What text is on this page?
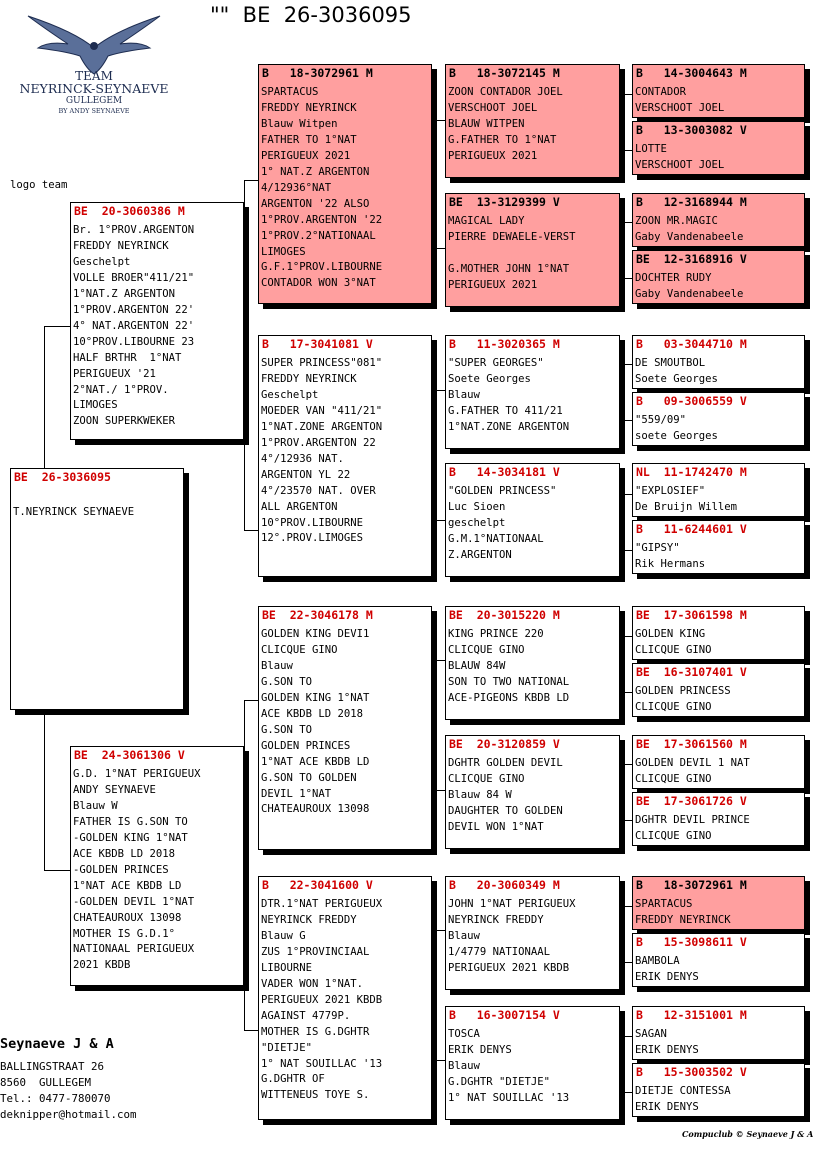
""  BE  26-3036095
TEAM
NEYRINCK-SEYNAEVE
GULLEGEM
BY ANDY SEYNAEVE
logo team
BE  26-3036095

T.NEYRINCK SEYNAEVE
BE  20-3060386 M
Br. 1°PROV.ARGENTON
FREDDY NEYRINCK
Geschelpt
VOLLE BROER"411/21"
1°NAT.Z ARGENTON
1°PROV.ARGENTON 22'
4° NAT.ARGENTON 22'
10°PROV.LIBOURNE 23
HALF BRTHR  1°NAT
PERIGUEUX '21
2°NAT./ 1°PROV.
LIMOGES
ZOON SUPERKWEKER
BE  24-3061306 V
G.D. 1°NAT PERIGUEUX
ANDY SEYNAEVE
Blauw W
FATHER IS G.SON TO
-GOLDEN KING 1°NAT
ACE KBDB LD 2018
-GOLDEN PRINCES
1°NAT ACE KBDB LD
-GOLDEN DEVIL 1°NAT
CHATEAUROUX 13098
MOTHER IS G.D.1°
NATIONAAL PERIGUEUX
2021 KBDB
B   18-3072961 M
SPARTACUS
FREDDY NEYRINCK
Blauw Witpen
FATHER TO 1°NAT
PERIGUEUX 2021
1° NAT.Z ARGENTON
4/12936°NAT
ARGENTON '22 ALSO
1°PROV.ARGENTON '22
1°PROV.2°NATIONAAL
LIMOGES
G.F.1°PROV.LIBOURNE
CONTADOR WON 3°NAT
B   17-3041081 V
SUPER PRINCESS"081"
FREDDY NEYRINCK
Geschelpt
MOEDER VAN "411/21"
1°NAT.ZONE ARGENTON
1°PROV.ARGENTON 22
4°/12936 NAT.
ARGENTON YL 22
4°/23570 NAT. OVER
ALL ARGENTON
10°PROV.LIBOURNE
12°.PROV.LIMOGES
BE  22-3046178 M
GOLDEN KING DEVI1
CLICQUE GINO
Blauw
G.SON TO
GOLDEN KING 1°NAT
ACE KBDB LD 2018
G.SON TO
GOLDEN PRINCES
1°NAT ACE KBDB LD
G.SON TO GOLDEN
DEVIL 1°NAT
CHATEAUROUX 13098
B   22-3041600 V
DTR.1°NAT PERIGUEUX
NEYRINCK FREDDY
Blauw G
ZUS 1°PROVINCIAAL
LIBOURNE
VADER WON 1°NAT.
PERIGUEUX 2021 KBDB
AGAINST 4779P.
MOTHER IS G.DGHTR
"DIETJE"
1° NAT SOUILLAC '13
G.DGHTR OF
WITTENEUS TOYE S.
B   18-3072145 M
ZOON CONTADOR JOEL
VERSCHOOT JOEL
BLAUW WITPEN
G.FATHER TO 1°NAT
PERIGUEUX 2021
BE  13-3129399 V
MAGICAL LADY
PIERRE DEWAELE-VERST

G.MOTHER JOHN 1°NAT
PERIGUEUX 2021
B   11-3020365 M
"SUPER GEORGES"
Soete Georges
Blauw
G.FATHER TO 411/21
1°NAT.ZONE ARGENTON
B   14-3034181 V
"GOLDEN PRINCESS"
Luc Sioen
geschelpt
G.M.1°NATIONAAL
Z.ARGENTON
BE  20-3015220 M
KING PRINCE 220
CLICQUE GINO
BLAUW 84W
SON TO TWO NATIONAL
ACE-PIGEONS KBDB LD
BE  20-3120859 V
DGHTR GOLDEN DEVIL
CLICQUE GINO
Blauw 84 W
DAUGHTER TO GOLDEN
DEVIL WON 1°NAT
B   20-3060349 M
JOHN 1°NAT PERIGUEUX
NEYRINCK FREDDY
Blauw
1/4779 NATIONAAL
PERIGUEUX 2021 KBDB
B   16-3007154 V
TOSCA
ERIK DENYS
Blauw
G.DGHTR "DIETJE"
1° NAT SOUILLAC '13
B   14-3004643 M
CONTADOR
VERSCHOOT JOEL
B   13-3003082 V
LOTTE
VERSCHOOT JOEL
B   12-3168944 M
ZOON MR.MAGIC
Gaby Vandenabeele
BE  12-3168916 V
DOCHTER RUDY
Gaby Vandenabeele
B   03-3044710 M
DE SMOUTBOL
Soete Georges
B   09-3006559 V
"559/09"
soete Georges
NL  11-1742470 M
"EXPLOSIEF"
De Bruijn Willem
B   11-6244601 V
"GIPSY"
Rik Hermans
BE  17-3061598 M
GOLDEN KING
CLICQUE GINO
BE  16-3107401 V
GOLDEN PRINCESS
CLICQUE GINO
BE  17-3061560 M
GOLDEN DEVIL 1 NAT
CLICQUE GINO
BE  17-3061726 V
DGHTR DEVIL PRINCE
CLICQUE GINO
B   18-3072961 M
SPARTACUS
FREDDY NEYRINCK
B   15-3098611 V
BAMBOLA
ERIK DENYS
B   12-3151001 M
SAGAN
ERIK DENYS
B   15-3003502 V
DIETJE CONTESSA
ERIK DENYS
Seynaeve J & A
BALLINGSTRAAT 26
8560  GULLEGEM
Tel.: 0477-780070
deknipper@hotmail.com
Compuclub © Seynaeve J & A
